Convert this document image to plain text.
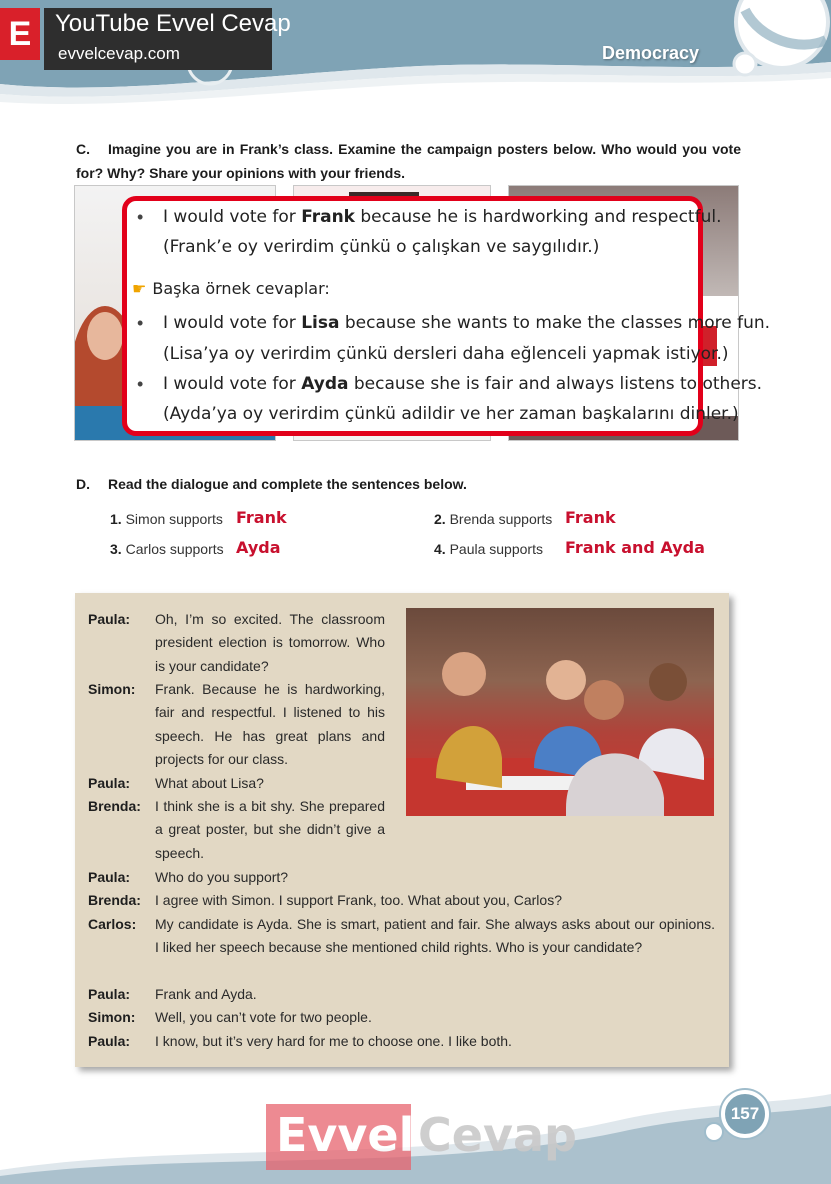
E YouTube Evvel Cevap
evvelcevap.com	Democracy
C. Imagine you are in Frank’s class. Examine the campaign posters below. Who would you vote for? Why? Share your opinions with your friends.
• I would vote for Frank because he is hardworking and respectful.
(Frank’e oy verirdim çünkü o çalışkan ve saygılıdır.)
☛ Başka örnek cevaplar:
• I would vote for Lisa because she wants to make the classes more fun.
(Lisa’ya oy verirdim çünkü dersleri daha eğlenceli yapmak istiyor.)
• I would vote for Ayda because she is fair and always listens to others.
(Ayda’ya oy verirdim çünkü adildir ve her zaman başkalarını dinler.)
D. Read the dialogue and complete the sentences below.
1. Simon supports Frank	2. Brenda supports Frank
3. Carlos supports Ayda	4. Paula supports Frank and Ayda
Paula: Oh, I’m so excited. The classroom president election is tomorrow. Who is your candidate?
Simon: Frank. Because he is hardworking, fair and respectful. I listened to his speech. He has great plans and projects for our class.
Paula: What about Lisa?
Brenda: I think she is a bit shy. She prepared a great poster, but she didn’t give a speech.
Paula: Who do you support?
Brenda: I agree with Simon. I support Frank, too. What about you, Carlos?
Carlos: My candidate is Ayda. She is smart, patient and fair. She always asks about our opinions. I liked her speech because she mentioned child rights. Who is your candidate?
Paula: Frank and Ayda.
Simon: Well, you can’t vote for two people.
Paula: I know, but it’s very hard for me to choose one. I like both.
157
Evvel Cevap
